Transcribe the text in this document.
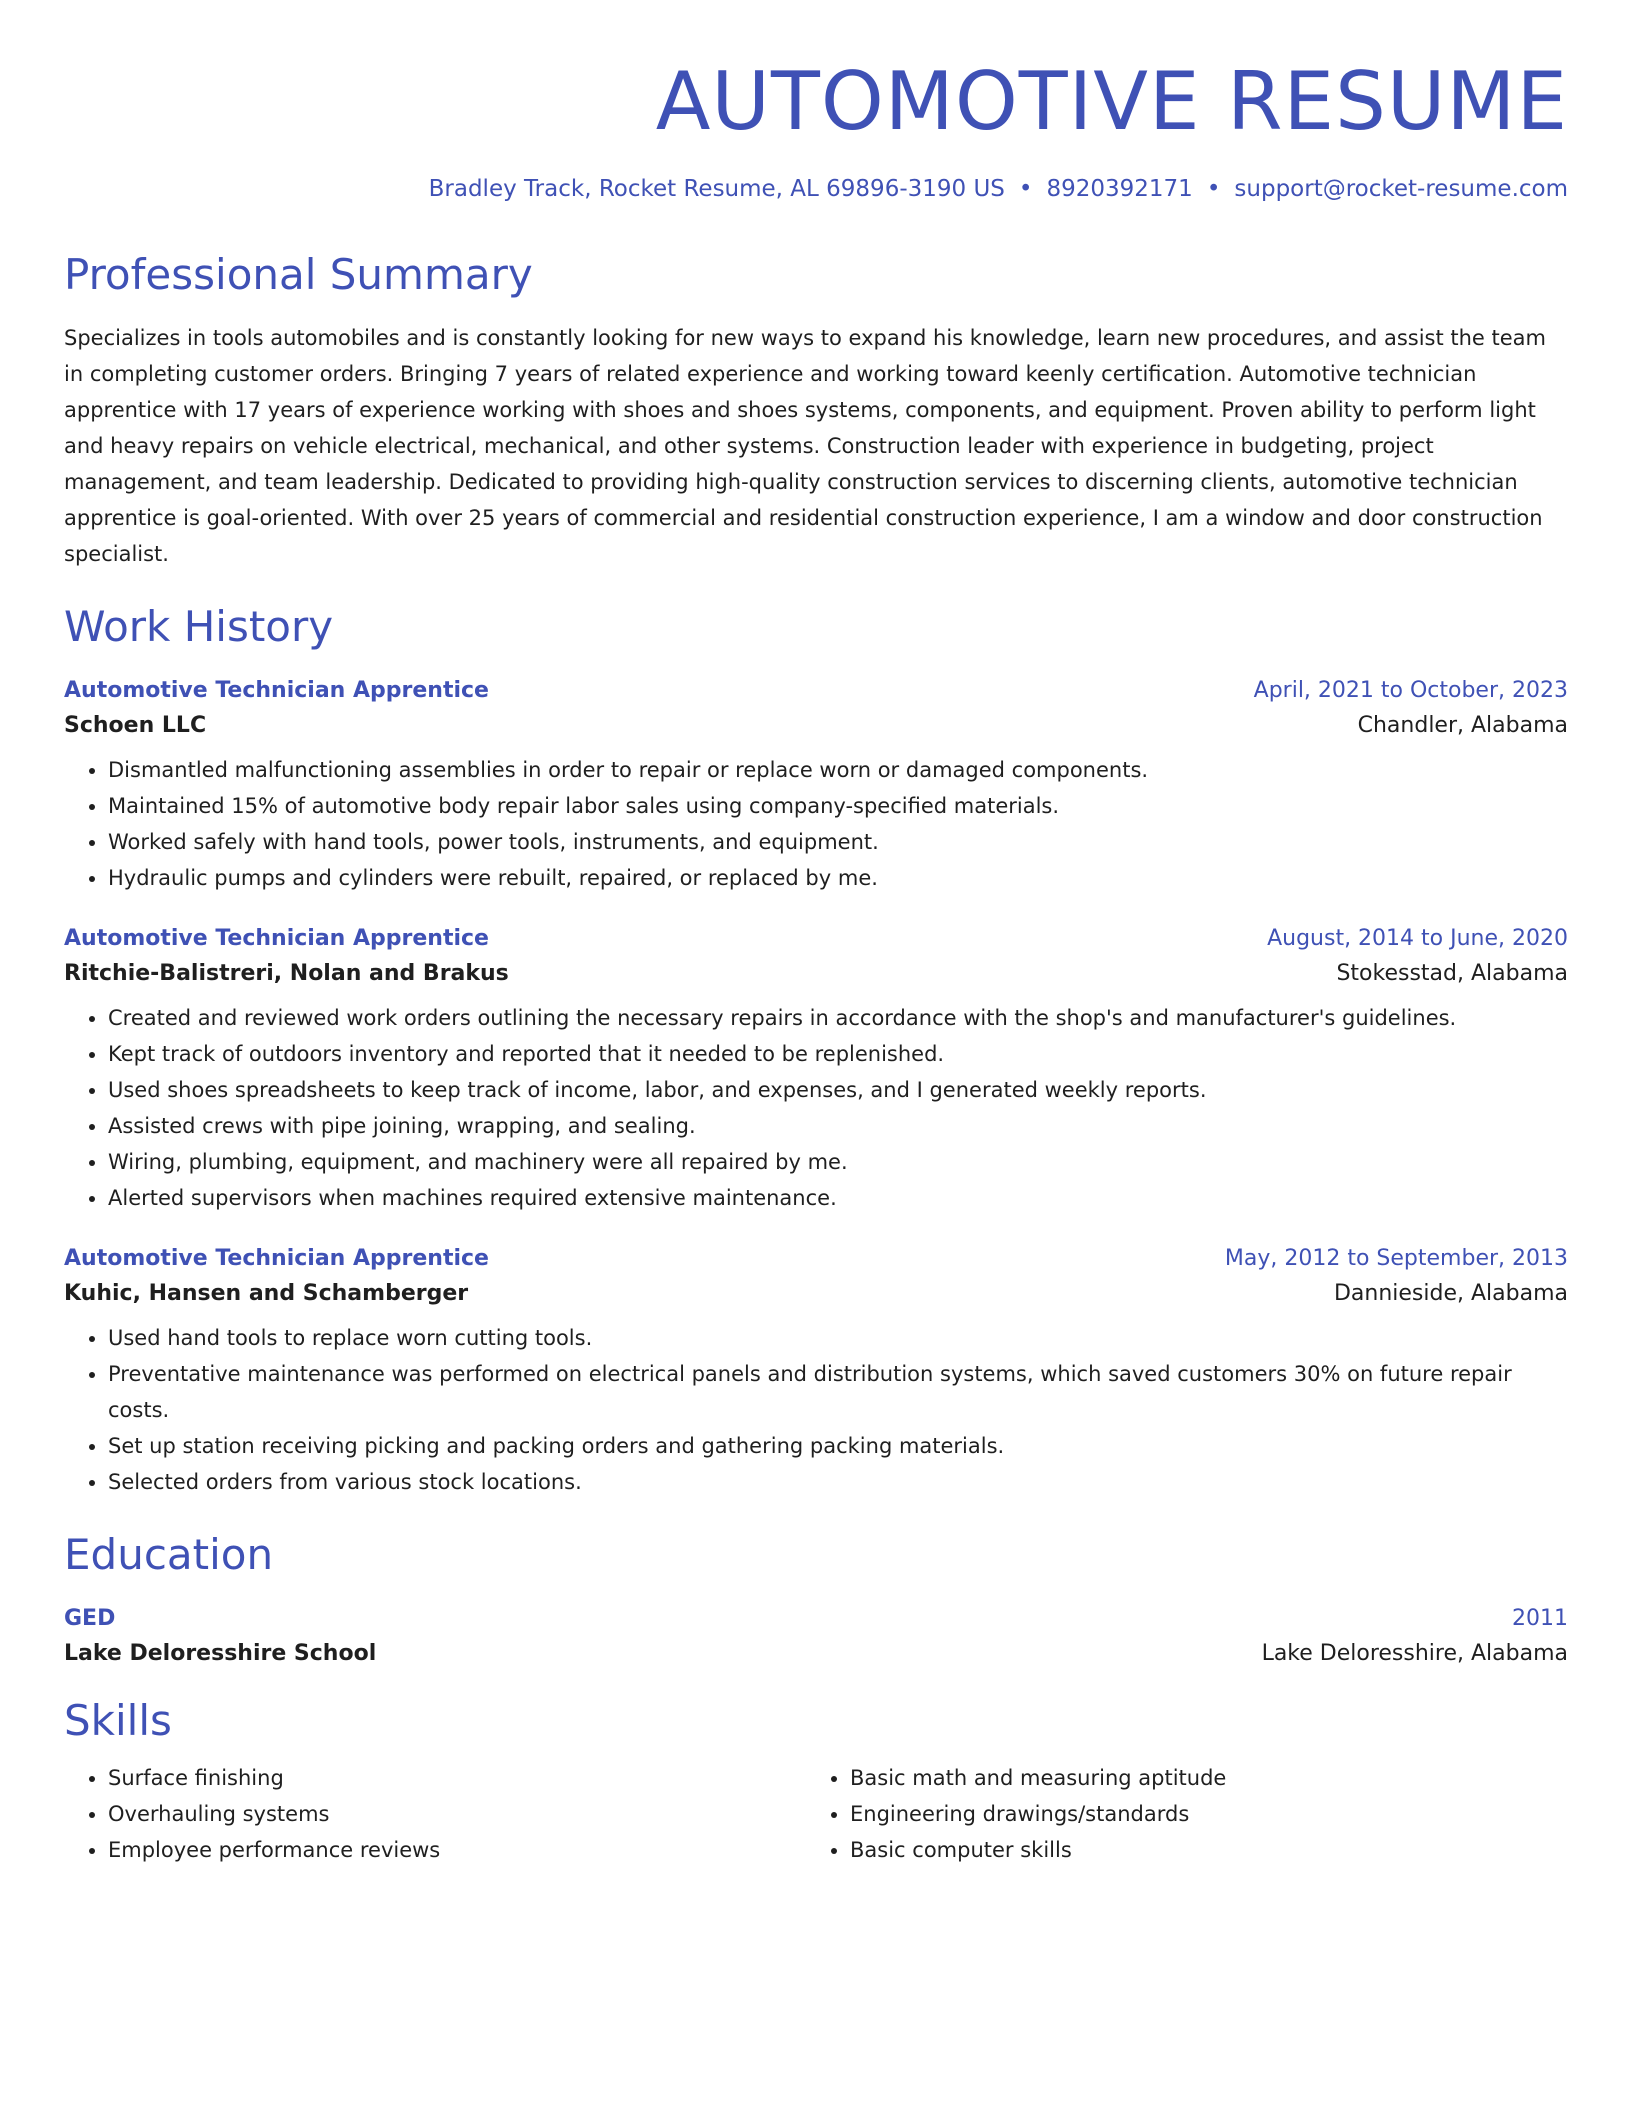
AUTOMOTIVE RESUME
Bradley Track, Rocket Resume, AL 69896-3190 US • 8920392171 • support@rocket-resume.com
Professional Summary
Specializes in tools automobiles and is constantly looking for new ways to expand his knowledge, learn new procedures, and assist the team in completing customer orders. Bringing 7 years of related experience and working toward keenly certification. Automotive technician apprentice with 17 years of experience working with shoes and shoes systems, components, and equipment. Proven ability to perform light and heavy repairs on vehicle electrical, mechanical, and other systems. Construction leader with experience in budgeting, project management, and team leadership. Dedicated to providing high-quality construction services to discerning clients, automotive technician apprentice is goal-oriented. With over 25 years of commercial and residential construction experience, I am a window and door construction specialist.
Work History
Automotive Technician Apprentice	April, 2021 to October, 2023
Schoen LLC	Chandler, Alabama
• Dismantled malfunctioning assemblies in order to repair or replace worn or damaged components.
• Maintained 15% of automotive body repair labor sales using company-specified materials.
• Worked safely with hand tools, power tools, instruments, and equipment.
• Hydraulic pumps and cylinders were rebuilt, repaired, or replaced by me.
Automotive Technician Apprentice	August, 2014 to June, 2020
Ritchie-Balistreri, Nolan and Brakus	Stokesstad, Alabama
• Created and reviewed work orders outlining the necessary repairs in accordance with the shop's and manufacturer's guidelines.
• Kept track of outdoors inventory and reported that it needed to be replenished.
• Used shoes spreadsheets to keep track of income, labor, and expenses, and I generated weekly reports.
• Assisted crews with pipe joining, wrapping, and sealing.
• Wiring, plumbing, equipment, and machinery were all repaired by me.
• Alerted supervisors when machines required extensive maintenance.
Automotive Technician Apprentice	May, 2012 to September, 2013
Kuhic, Hansen and Schamberger	Dannieside, Alabama
• Used hand tools to replace worn cutting tools.
• Preventative maintenance was performed on electrical panels and distribution systems, which saved customers 30% on future repair costs.
• Set up station receiving picking and packing orders and gathering packing materials.
• Selected orders from various stock locations.
Education
GED	2011
Lake Deloresshire School	Lake Deloresshire, Alabama
Skills
• Surface finishing
• Overhauling systems
• Employee performance reviews
• Basic math and measuring aptitude
• Engineering drawings/standards
• Basic computer skills
